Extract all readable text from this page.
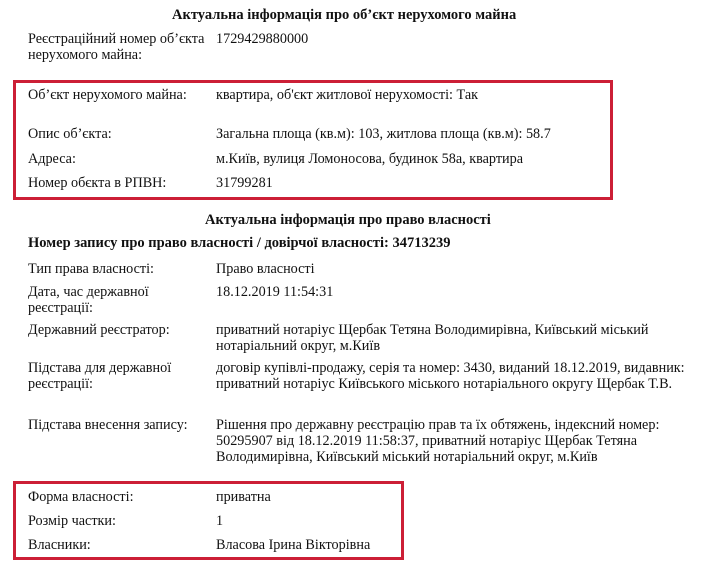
Актуальна інформація про об’єкт нерухомого майна
Реєстраційний номер об’єкта нерухомого майна:
1729429880000
Об’єкт нерухомого майна:	квартира, об'єкт житлової нерухомості: Так
Опис об’єкта:	Загальна площа (кв.м): 103, житлова площа (кв.м): 58.7
Адреса:	м.Київ, вулиця Ломоносова, будинок 58а, квартира
Номер обєкта в РПВН:	31799281
Актуальна інформація про право власності
Номер запису про право власності / довірчої власності: 34713239
Тип права власності:	Право власності
Дата, час державної реєстрації:
18.12.2019 11:54:31
Державний реєстратор:	приватний нотаріус Щербак Тетяна Володимирівна, Київський міський нотаріальний округ, м.Київ
Підстава для державної реєстрації:
договір купівлі-продажу, серія та номер: 3430, виданий 18.12.2019, видавник: приватний нотаріус Київського міського нотаріального округу Щербак Т.В.
Підстава внесення запису:	Рішення про державну реєстрацію прав та їх обтяжень, індексний номер: 50295907 від 18.12.2019 11:58:37, приватний нотаріус Щербак Тетяна Володимирівна, Київський міський нотаріальний округ, м.Київ
Форма власності:	приватна
Розмір частки:	1
Власники:	Власова Ірина Вікторівна
